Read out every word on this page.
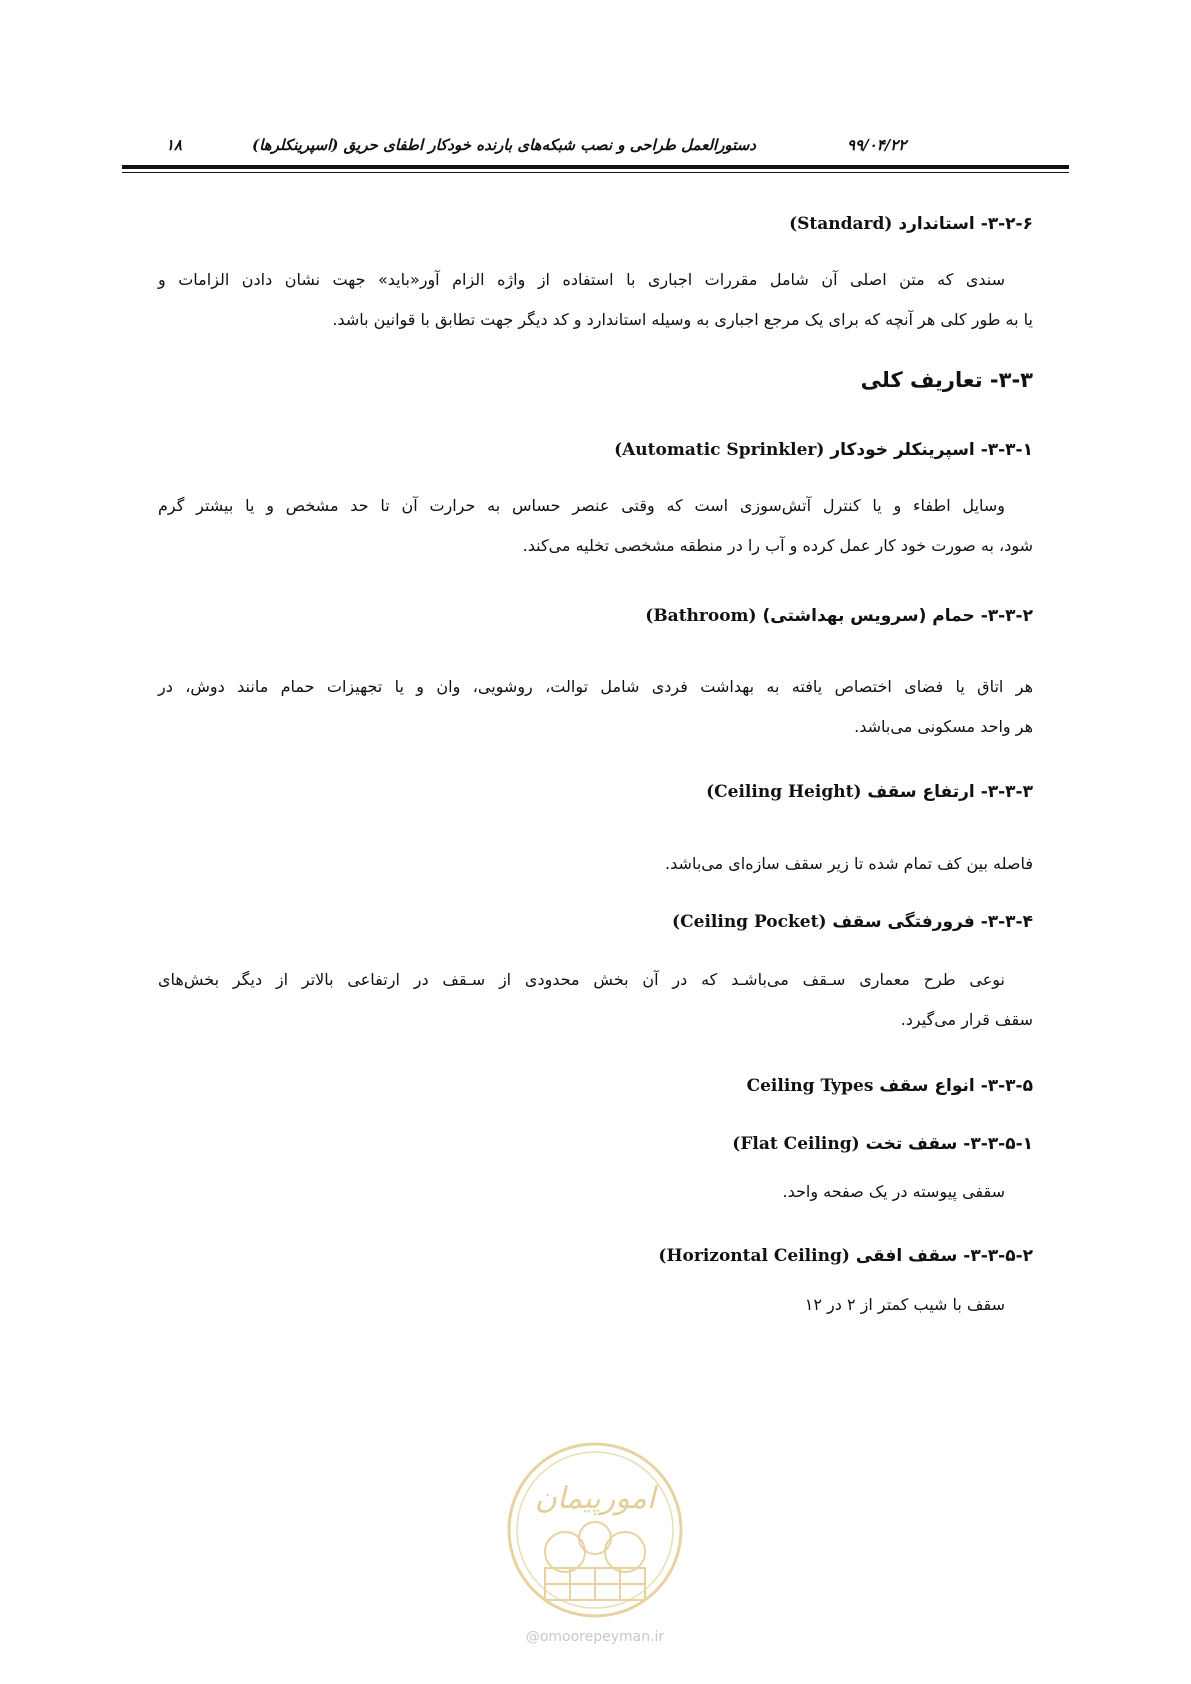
دستورالعمل طراحی و نصب شبکه‌های بارنده خودکار اطفای حریق (اسپرینکلرها)	۹۹/۰۴/۲۲
۱۸
۳-۲-۶- استاندارد (Standard)
سندی که متن اصلی آن شامل مقررات اجباری با استفاده از واژه الزام آور«باید» جهت نشان دادن الزامات و
یا به طور کلی هر آنچه که برای یک مرجع اجباری به وسیله استاندارد و کد دیگر جهت تطابق با قوانین باشد.
۳-۳- تعاریف کلی
۳-۳-۱- اسپرینکلر خودکار (Automatic Sprinkler)
وسایل اطفاء و یا کنترل آتش‌سوزی است که وقتی عنصر حساس به حرارت آن تا حد مشخص و یا بیشتر گرم
شود، به صورت خود کار عمل کرده و آب را در منطقه مشخصی تخلیه می‌کند.
۳-۳-۲- حمام (سرویس بهداشتی) (Bathroom)
هر اتاق یا فضای اختصاص یافته به بهداشت فردی شامل توالت، روشویی، وان و یا تجهیزات حمام مانند دوش، در
هر واحد مسکونی می‌باشد.
۳-۳-۳- ارتفاع سقف (Ceiling Height)
فاصله بین کف تمام شده تا زیر سقف سازه‌ای می‌باشد.
۳-۳-۴- فرورفتگی سقف (Ceiling Pocket)
نوعی طرح معماری سـقف می‌باشـد که در آن بخش محدودی از سـقف در ارتفاعی بالاتر از دیگر بخش‌های
سقف قرار می‌گیرد.
۳-۳-۵- انواع سقف Ceiling Types
۳-۳-۵-۱- سقف تخت (Flat Ceiling)
سقفی پیوسته در یک صفحه واحد.
۳-۳-۵-۲- سقف افقی (Horizontal Ceiling)
سقف با شیب کمتر از ۲ در ۱۲
امورپیمان
@omoorepeyman.ir
